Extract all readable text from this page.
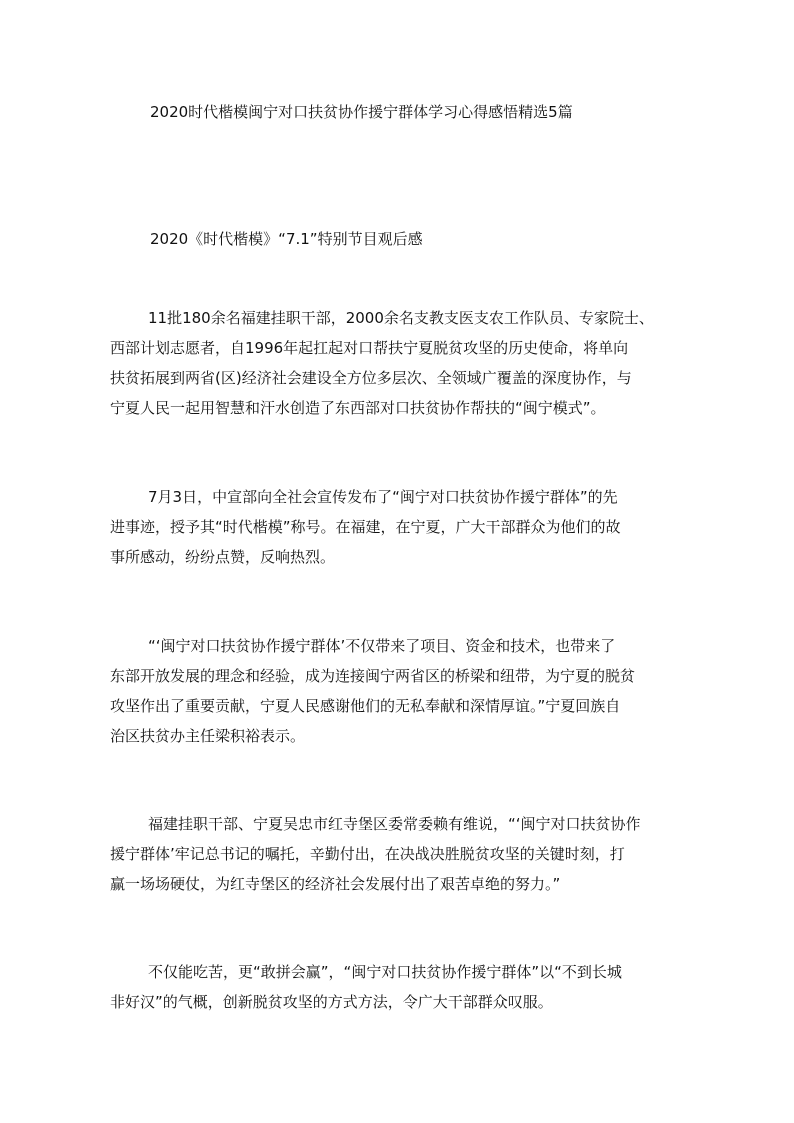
2020时代楷模闽宁对口扶贫协作援宁群体学习心得感悟精选5篇
2020《时代楷模》“7.1”特别节目观后感

11批180余名福建挂职干部，2000余名支教支医支农工作队员、专家院士、
西部计划志愿者，自1996年起扛起对口帮扶宁夏脱贫攻坚的历史使命，将单向
扶贫拓展到两省(区)经济社会建设全方位多层次、全领域广覆盖的深度协作，与
宁夏人民一起用智慧和汗水创造了东西部对口扶贫协作帮扶的“闽宁模式”。

7月3日，中宣部向全社会宣传发布了“闽宁对口扶贫协作援宁群体”的先
进事迹，授予其“时代楷模”称号。在福建，在宁夏，广大干部群众为他们的故
事所感动，纷纷点赞，反响热烈。

“‘闽宁对口扶贫协作援宁群体’不仅带来了项目、资金和技术，也带来了
东部开放发展的理念和经验，成为连接闽宁两省区的桥梁和纽带，为宁夏的脱贫
攻坚作出了重要贡献，宁夏人民感谢他们的无私奉献和深情厚谊。”宁夏回族自
治区扶贫办主任梁积裕表示。

福建挂职干部、宁夏吴忠市红寺堡区委常委赖有维说，“‘闽宁对口扶贫协作
援宁群体’牢记总书记的嘱托，辛勤付出，在决战决胜脱贫攻坚的关键时刻，打
赢一场场硬仗，为红寺堡区的经济社会发展付出了艰苦卓绝的努力。”

不仅能吃苦，更“敢拼会赢”，“闽宁对口扶贫协作援宁群体”以“不到长城
非好汉”的气概，创新脱贫攻坚的方式方法，令广大干部群众叹服。
